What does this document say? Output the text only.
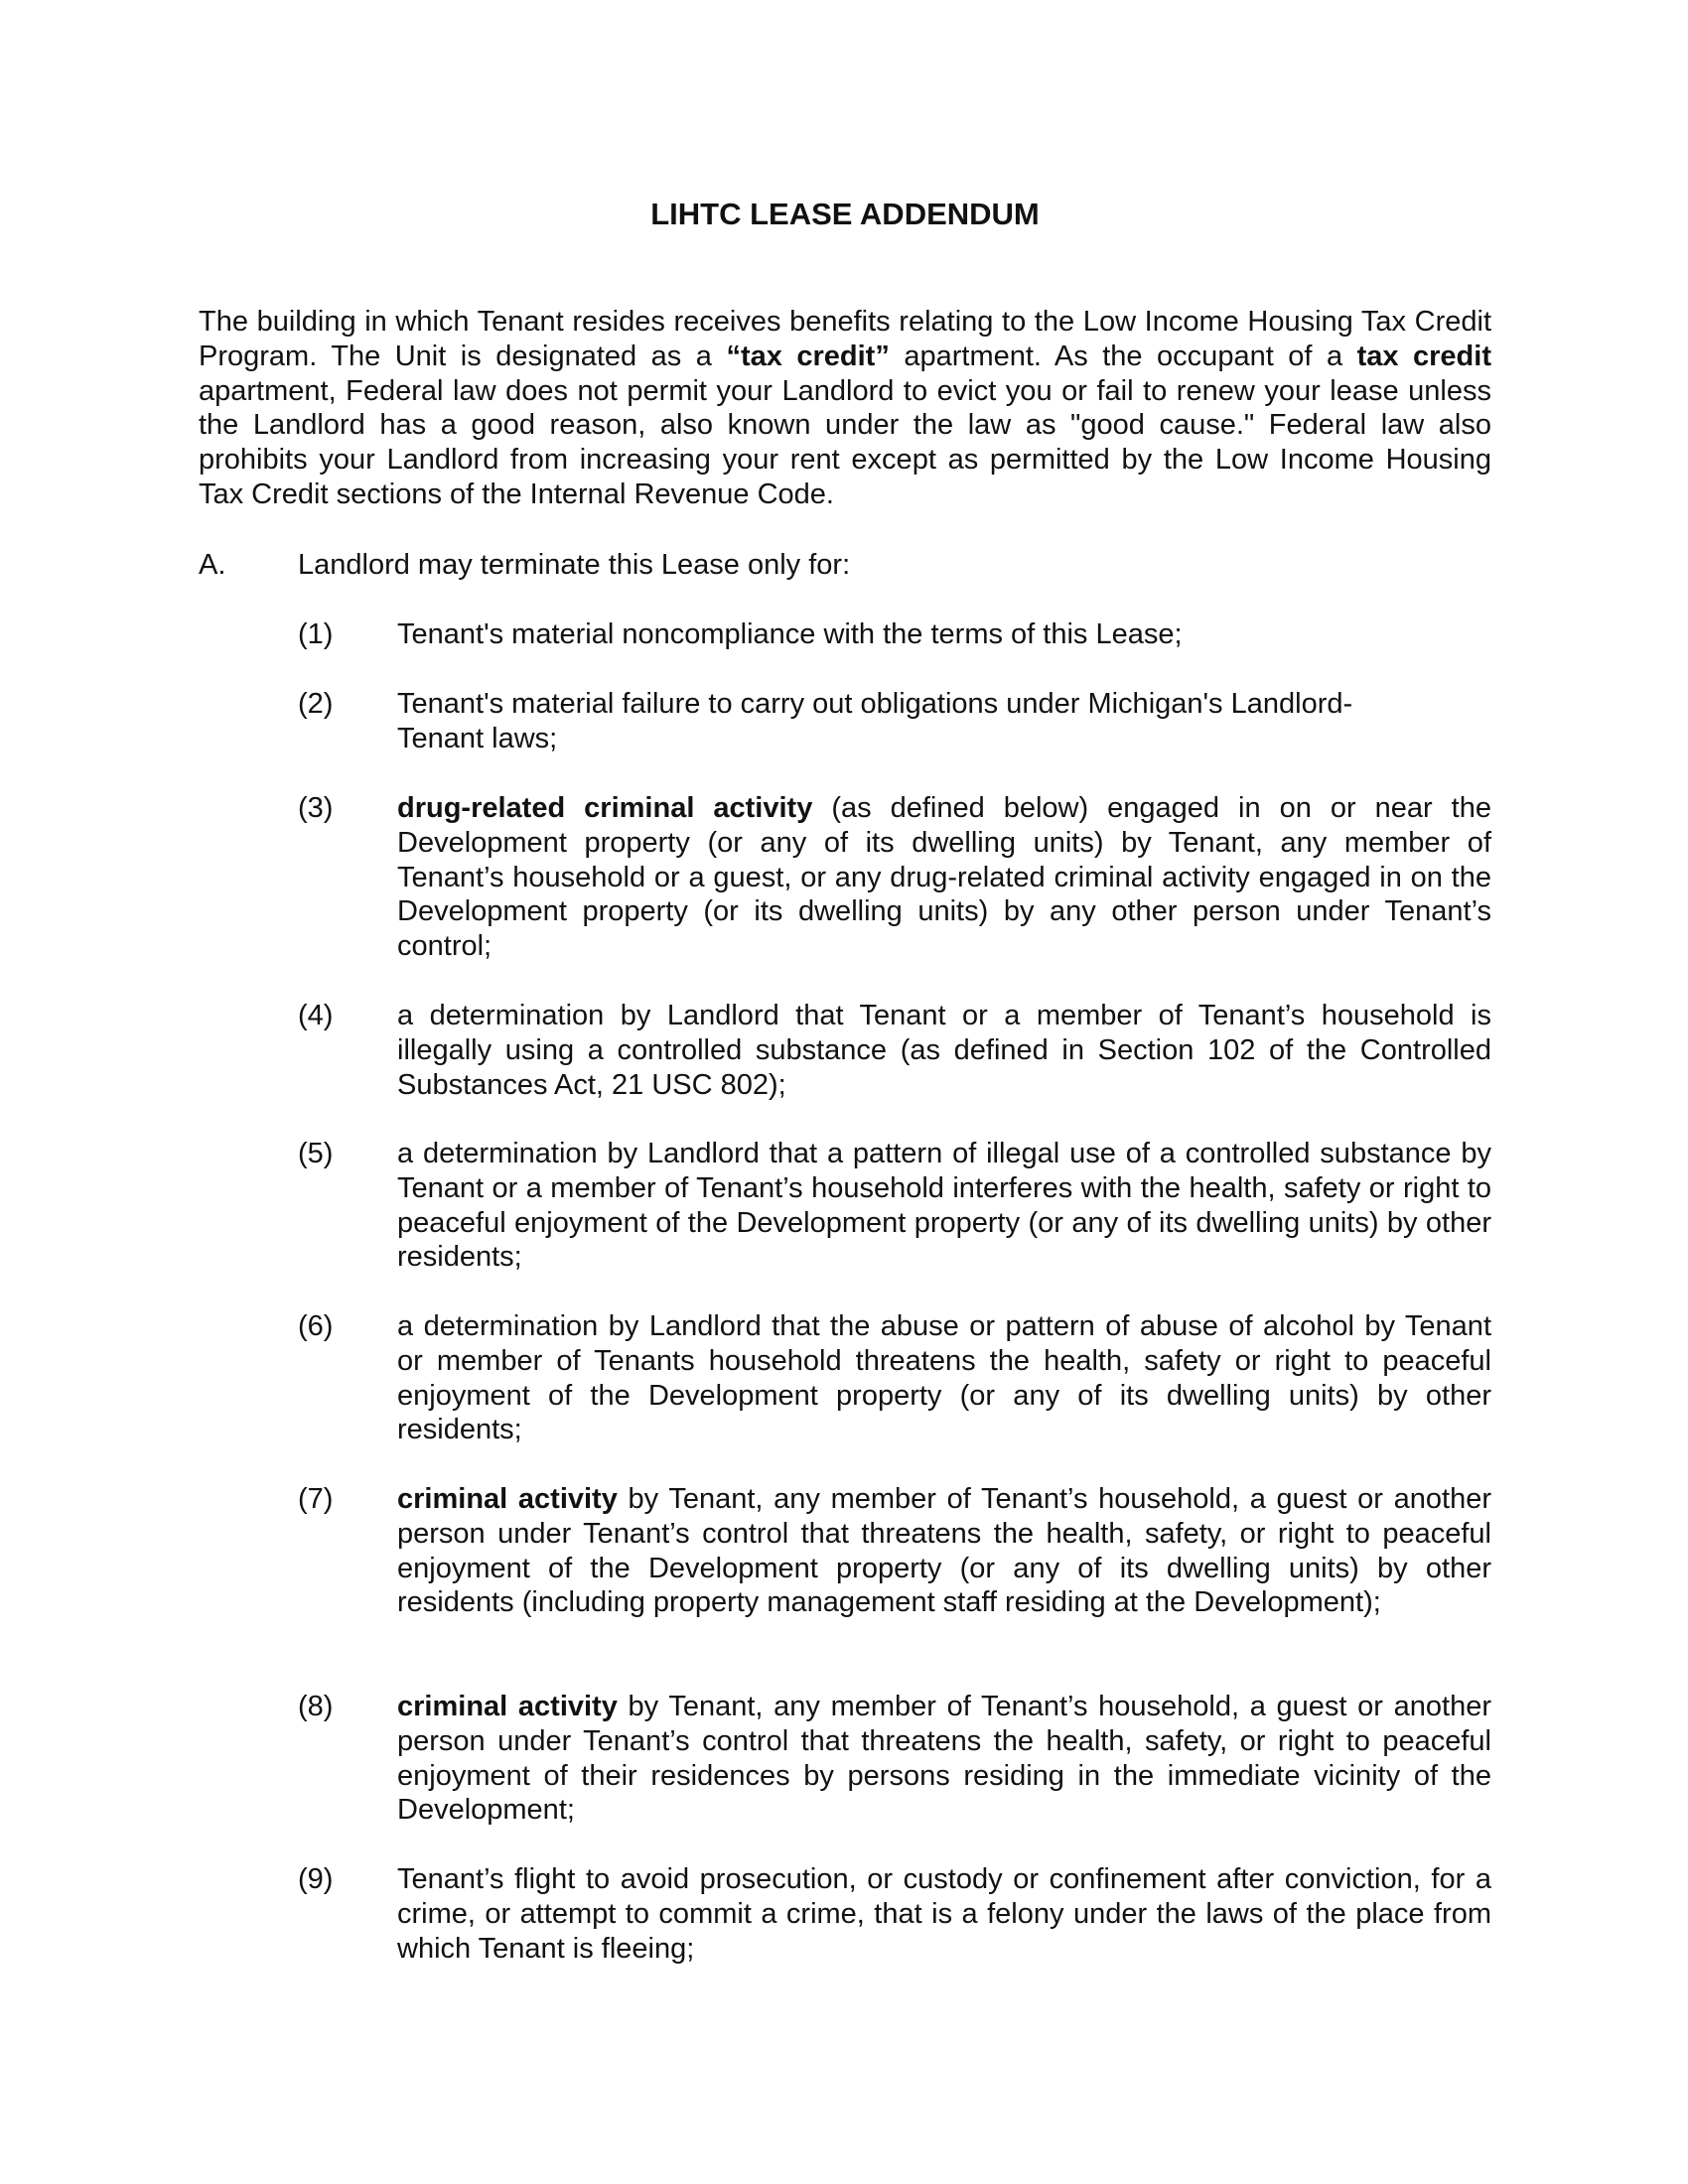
LIHTC LEASE ADDENDUM

The building in which Tenant resides receives benefits relating to the Low Income Housing Tax Credit Program. The Unit is designated as a “tax credit” apartment. As the occupant of a tax credit apartment, Federal law does not permit your Landlord to evict you or fail to renew your lease unless the Landlord has a good reason, also known under the law as "good cause." Federal law also prohibits your Landlord from increasing your rent except as permitted by the Low Income Housing Tax Credit sections of the Internal Revenue Code.

A.	Landlord may terminate this Lease only for:
(1) Tenant's material noncompliance with the terms of this Lease;

(2) Tenant's material failure to carry out obligations under Michigan's Landlord-Tenant laws;

(3) drug-related criminal activity (as defined below) engaged in on or near the Development property (or any of its dwelling units) by Tenant, any member of Tenant’s household or a guest, or any drug-related criminal activity engaged in on the Development property (or its dwelling units) by any other person under Tenant’s control;

(4) a determination by Landlord that Tenant or a member of Tenant’s household is illegally using a controlled substance (as defined in Section 102 of the Controlled Substances Act, 21 USC 802);

(5) a determination by Landlord that a pattern of illegal use of a controlled substance by Tenant or a member of Tenant’s household interferes with the health, safety or right to peaceful enjoyment of the Development property (or any of its dwelling units) by other residents;

(6) a determination by Landlord that the abuse or pattern of abuse of alcohol by Tenant or member of Tenants household threatens the health, safety or right to peaceful enjoyment of the Development property (or any of its dwelling units) by other residents;

(7) criminal activity by Tenant, any member of Tenant’s household, a guest or another person under Tenant’s control that threatens the health, safety, or right to peaceful enjoyment of the Development property (or any of its dwelling units) by other residents (including property management staff residing at the Development);

(8) criminal activity by Tenant, any member of Tenant’s household, a guest or another person under Tenant’s control that threatens the health, safety, or right to peaceful enjoyment of their residences by persons residing in the immediate vicinity of the Development;

(9) Tenant’s flight to avoid prosecution, or custody or confinement after conviction, for a crime, or attempt to commit a crime, that is a felony under the laws of the place from which Tenant is fleeing;
